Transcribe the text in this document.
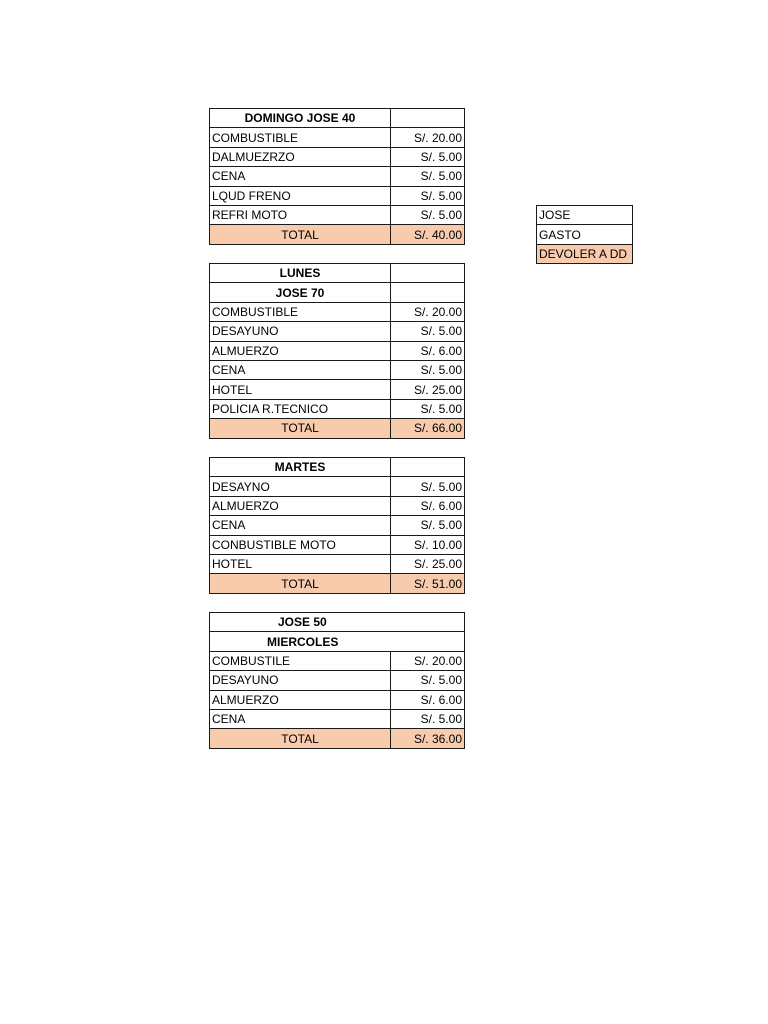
DOMINGO JOSE 40	
COMBUSTIBLE	S/. 20.00
DALMUEZRZO	S/. 5.00
CENA	S/. 5.00
LQUD FRENO	S/. 5.00
REFRI MOTO	S/. 5.00
TOTAL	S/. 40.00
LUNES	
JOSE 70	
COMBUSTIBLE	S/. 20.00
DESAYUNO	S/. 5.00
ALMUERZO	S/. 6.00
CENA	S/. 5.00
HOTEL	S/. 25.00
POLICIA R.TECNICO	S/. 5.00
TOTAL	S/. 66.00
MARTES	
DESAYNO	S/. 5.00
ALMUERZO	S/. 6.00
CENA	S/. 5.00
CONBUSTIBLE MOTO	S/. 10.00
HOTEL	S/. 25.00
TOTAL	S/. 51.00
JOSE 50	
MIERCOLES	
COMBUSTILE	S/. 20.00
DESAYUNO	S/. 5.00
ALMUERZO	S/. 6.00
CENA	S/. 5.00
TOTAL	S/. 36.00
JOSE
GASTO
DEVOLER A DD
